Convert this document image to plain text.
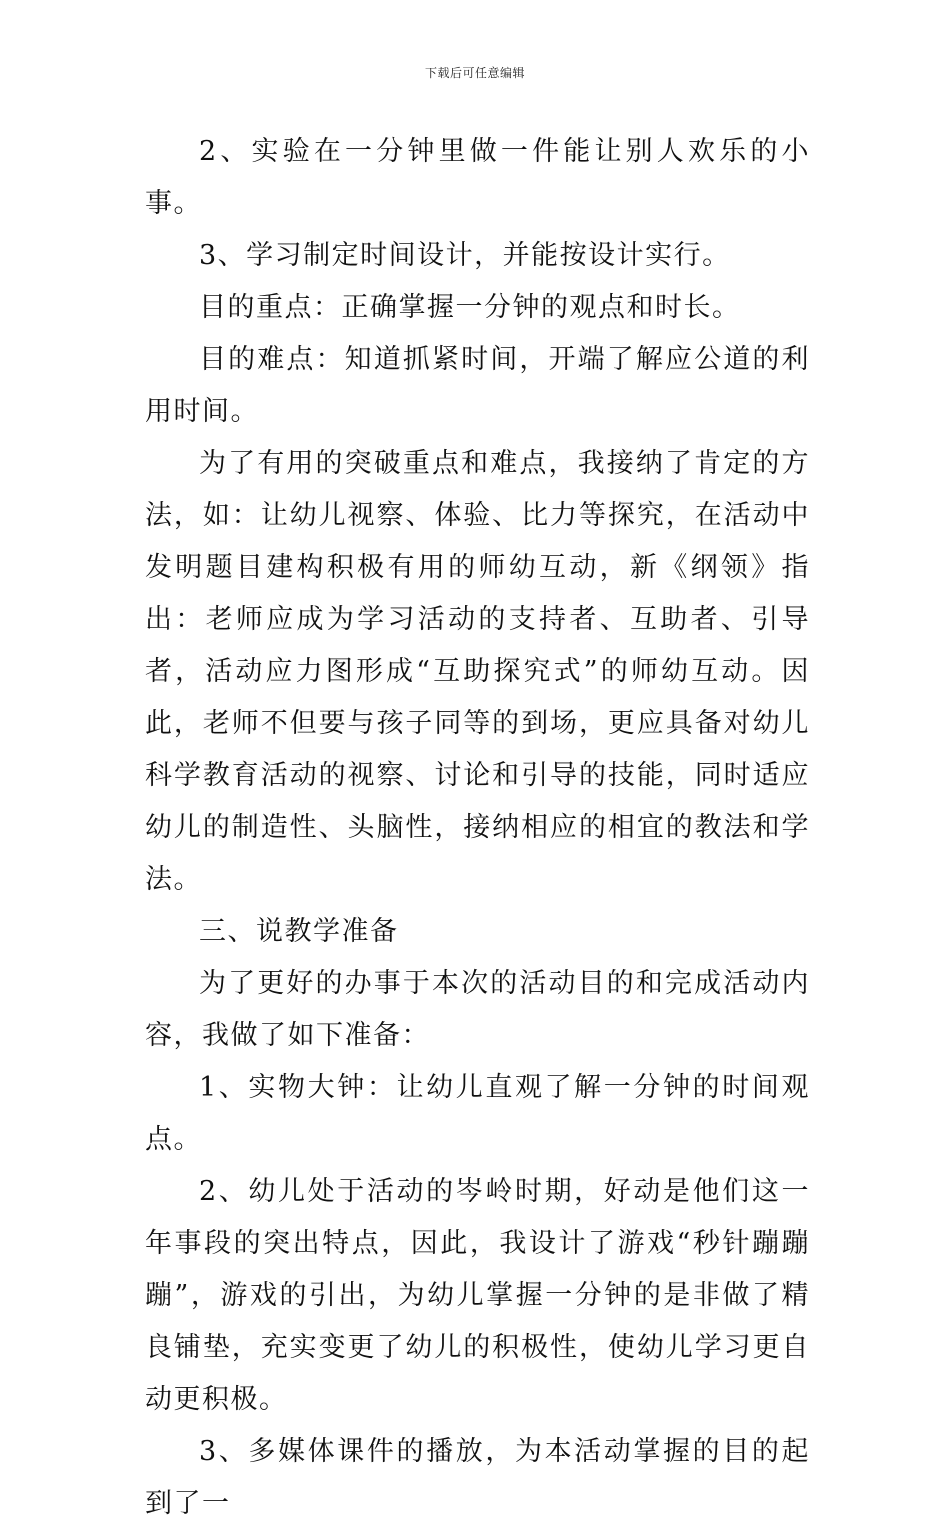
下载后可任意编辑

2、实验在一分钟里做一件能让别人欢乐的小事。

3、学习制定时间设计，并能按设计实行。

目的重点：正确掌握一分钟的观点和时长。

目的难点：知道抓紧时间，开端了解应公道的利用时间。

为了有用的突破重点和难点，我接纳了肯定的方法，如：让幼儿视察、体验、比力等探究，在活动中发明题目建构积极有用的师幼互动，新《纲领》指出：老师应成为学习活动的支持者、互助者、引导者，活动应力图形成“互助探究式”的师幼互动。因此，老师不但要与孩子同等的到场，更应具备对幼儿科学教育活动的视察、讨论和引导的技能，同时适应幼儿的制造性、头脑性，接纳相应的相宜的教法和学法。

三、说教学准备

为了更好的办事于本次的活动目的和完成活动内容，我做了如下准备：

1、实物大钟：让幼儿直观了解一分钟的时间观点。

2、幼儿处于活动的岑岭时期，好动是他们这一年事段的突出特点，因此，我设计了游戏“秒针蹦蹦蹦”，游戏的引出，为幼儿掌握一分钟的是非做了精良铺垫，充实变更了幼儿的积极性，使幼儿学习更自动更积极。

3、多媒体课件的播放，为本活动掌握的目的起到了一
